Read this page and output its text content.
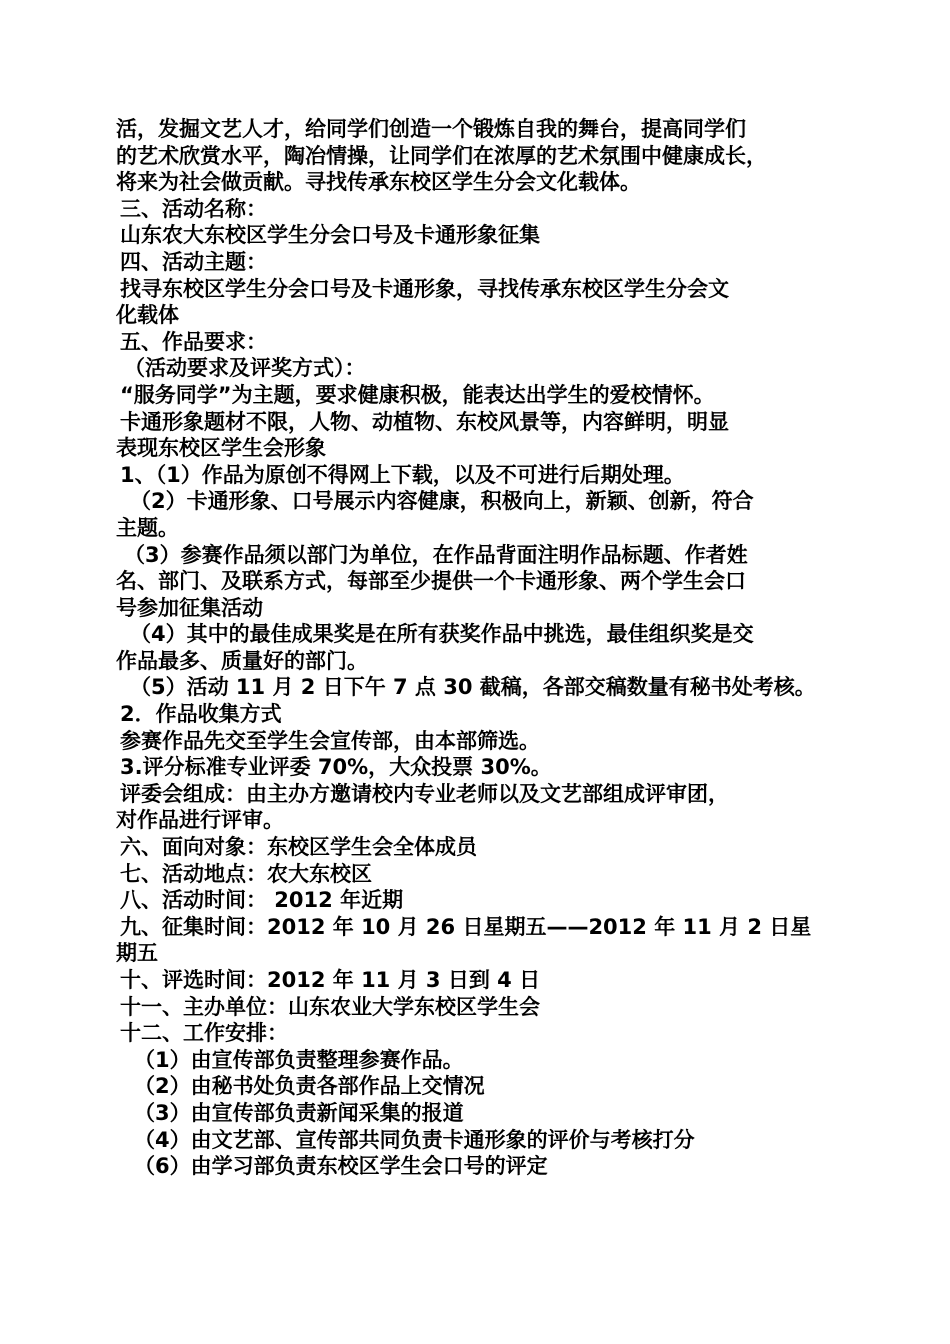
活，发掘文艺人才，给同学们创造一个锻炼自我的舞台，提高同学们
的艺术欣赏水平，陶冶情操，让同学们在浓厚的艺术氛围中健康成长，
将来为社会做贡献。寻找传承东校区学生分会文化载体。
三、活动名称：
山东农大东校区学生分会口号及卡通形象征集
四、活动主题：
找寻东校区学生分会口号及卡通形象，寻找传承东校区学生分会文
化载体
五、作品要求：
（活动要求及评奖方式）：
“服务同学”为主题，要求健康积极，能表达出学生的爱校情怀。
卡通形象题材不限，人物、动植物、东校风景等，内容鲜明，明显
表现东校区学生会形象
1、（1）作品为原创不得网上下载，以及不可进行后期处理。
（2）卡通形象、口号展示内容健康，积极向上，新颖、创新，符合
主题。
（3）参赛作品须以部门为单位，在作品背面注明作品标题、作者姓
名、部门、及联系方式，每部至少提供一个卡通形象、两个学生会口
号参加征集活动
（4）其中的最佳成果奖是在所有获奖作品中挑选，最佳组织奖是交
作品最多、质量好的部门。
（5）活动 11 月 2 日下午 7 点 30 截稿，各部交稿数量有秘书处考核。
2．作品收集方式
参赛作品先交至学生会宣传部，由本部筛选。
3.评分标准专业评委 70%，大众投票 30%。
评委会组成：由主办方邀请校内专业老师以及文艺部组成评审团，
对作品进行评审。
六、面向对象：东校区学生会全体成员
七、活动地点：农大东校区
八、活动时间： 2012 年近期
九、征集时间：2012 年 10 月 26 日星期五——2012 年 11 月 2 日星
期五
十、评选时间：2012 年 11 月 3 日到 4 日
十一、主办单位：山东农业大学东校区学生会
十二、工作安排：
（1）由宣传部负责整理参赛作品。
（2）由秘书处负责各部作品上交情况
（3）由宣传部负责新闻采集的报道
（4）由文艺部、宣传部共同负责卡通形象的评价与考核打分
（6）由学习部负责东校区学生会口号的评定
